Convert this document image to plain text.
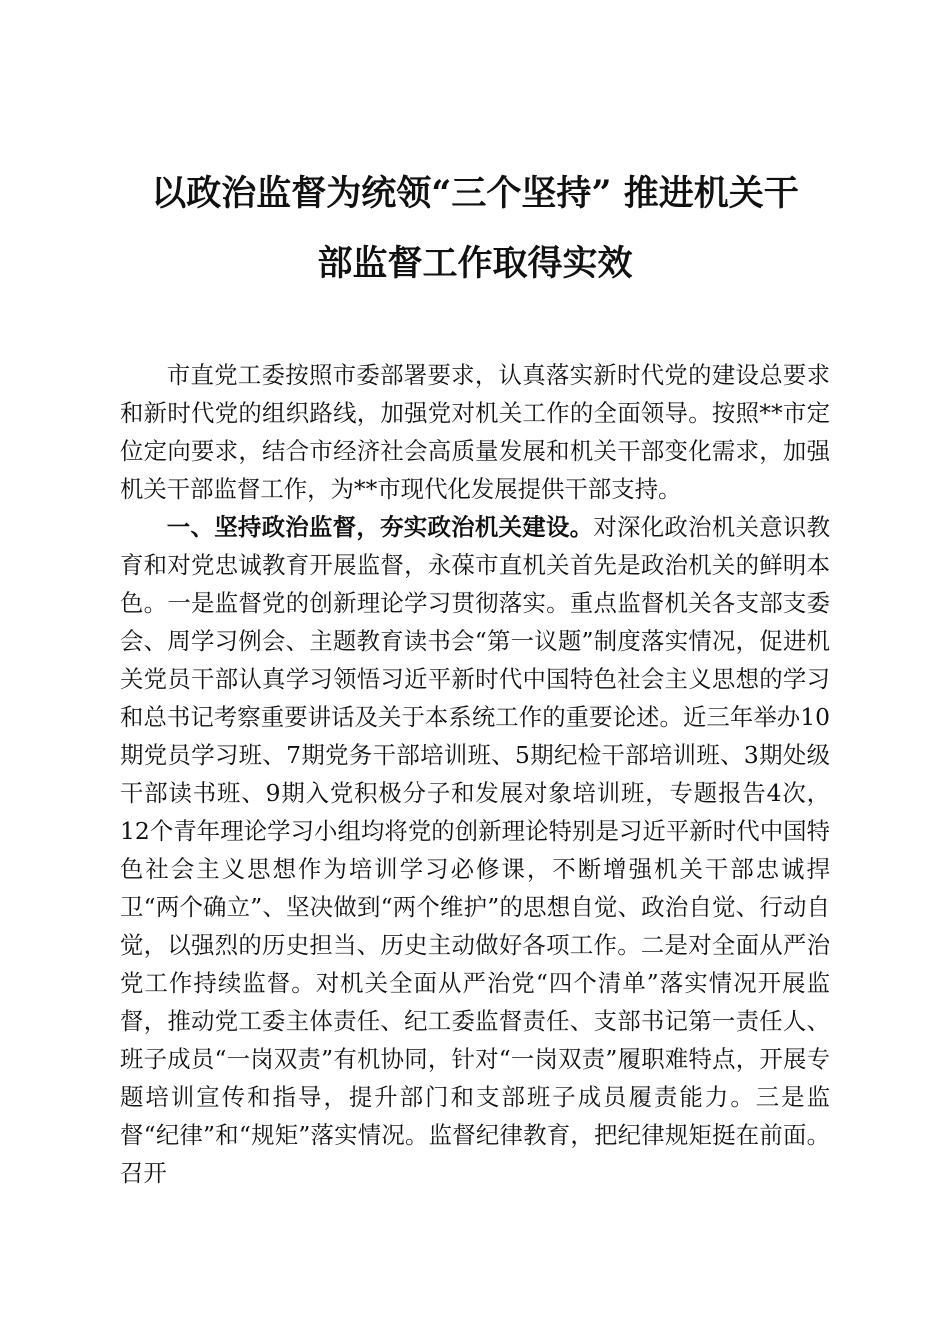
以政治监督为统领“三个坚持” 推进机关干
部监督工作取得实效

市直党工委按照市委部署要求，认真落实新时代党的建设总要求和新时代党的组织路线，加强党对机关工作的全面领导。按照**市定位定向要求，结合市经济社会高质量发展和机关干部变化需求，加强机关干部监督工作，为**市现代化发展提供干部支持。

一、坚持政治监督，夯实政治机关建设。对深化政治机关意识教育和对党忠诚教育开展监督，永葆市直机关首先是政治机关的鲜明本色。一是监督党的创新理论学习贯彻落实。重点监督机关各支部支委会、周学习例会、主题教育读书会“第一议题”制度落实情况，促进机关党员干部认真学习领悟习近平新时代中国特色社会主义思想的学习和总书记考察重要讲话及关于本系统工作的重要论述。近三年举办10期党员学习班、7期党务干部培训班、5期纪检干部培训班、3期处级干部读书班、9期入党积极分子和发展对象培训班，专题报告4次，12个青年理论学习小组均将党的创新理论特别是习近平新时代中国特色社会主义思想作为培训学习必修课，不断增强机关干部忠诚捍卫“两个确立”、坚决做到“两个维护”的思想自觉、政治自觉、行动自觉，以强烈的历史担当、历史主动做好各项工作。二是对全面从严治党工作持续监督。对机关全面从严治党“四个清单”落实情况开展监督，推动党工委主体责任、纪工委监督责任、支部书记第一责任人、班子成员“一岗双责”有机协同，针对“一岗双责”履职难特点，开展专题培训宣传和指导，提升部门和支部班子成员履责能力。三是监督“纪律”和“规矩”落实情况。监督纪律教育，把纪律规矩挺在前面。召开
